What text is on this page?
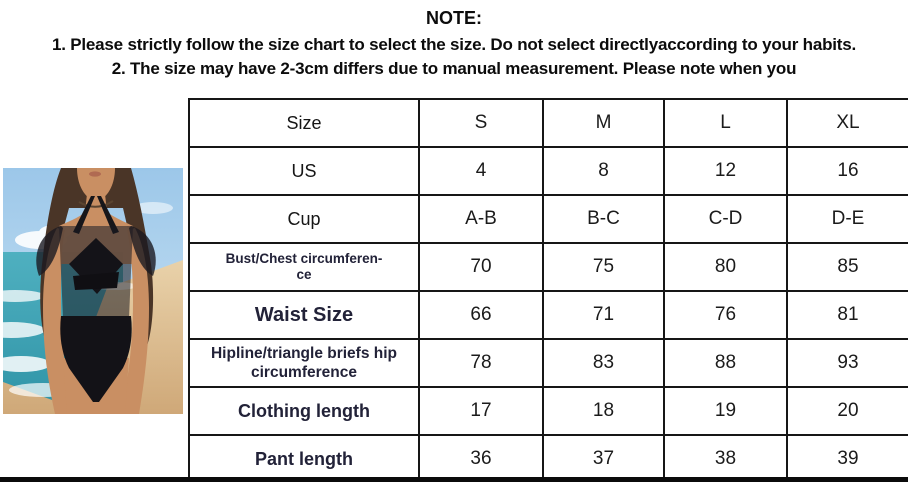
NOTE:
1. Please strictly follow the size chart to select the size. Do not select directlyaccording to your habits.
2. The size may have 2-3cm differs due to manual measurement. Please note when you
Size	S	M	L	XL

US	4	8	12	16

Cup	A-B	B-C	C-D	D-E

Bust/Chest circumferen-
ce	70	75	80	85

Waist Size	66	71	76	81

Hipline/triangle briefs hip
circumference	78	83	88	93

Clothing length	17	18	19	20

Pant length	36	37	38	39
